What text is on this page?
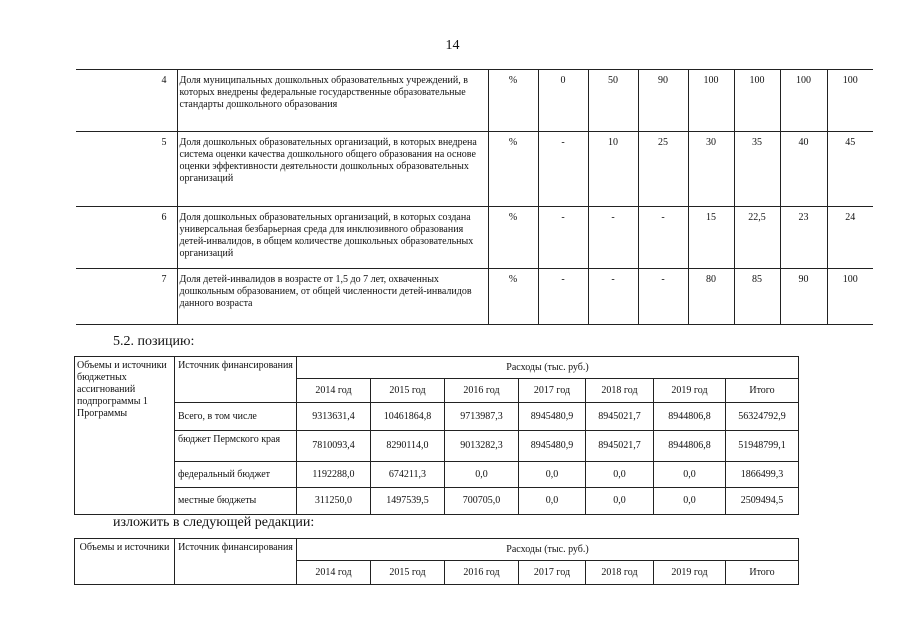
14
4	Доля муниципальных дошкольных образовательных учреждений, в которых внедрены федеральные государственные образовательные стандарты дошкольного образования	%	0	50	90	100	100	100	100
5	Доля дошкольных образовательных организаций, в которых внедрена система оценки качества дошкольного общего образования на основе оценки эффективности деятельности дошкольных образовательных организаций	%	-	10	25	30	35	40	45
6	Доля дошкольных образовательных организаций, в которых создана универсальная безбарьерная среда для инклюзивного образования детей-инвалидов, в общем количестве дошкольных образовательных организаций	%	-	-	-	15	22,5	23	24
7	Доля детей-инвалидов в возрасте от 1,5 до 7 лет, охваченных дошкольным образованием, от общей численности детей-инвалидов данного возраста	%	-	-	-	80	85	90	100
5.2. позицию:
Объемы и источники бюджетных ассигнований подпрограммы 1 Программы	Источник финансирования	Расходы (тыс. руб.)						
		2014 год	2015 год	2016 год	2017 год	2018 год	2019 год	Итого
	Всего, в том числе	9313631,4	10461864,8	9713987,3	8945480,9	8945021,7	8944806,8	56324792,9
	бюджет Пермского края	7810093,4	8290114,0	9013282,3	8945480,9	8945021,7	8944806,8	51948799,1
	федеральный бюджет	1192288,0	674211,3	0,0	0,0	0,0	0,0	1866499,3
	местные бюджеты	311250,0	1497539,5	700705,0	0,0	0,0	0,0	2509494,5
изложить в следующей редакции:
Объемы и источники	Источник финансирования	Расходы (тыс. руб.)						
		2014 год	2015 год	2016 год	2017 год	2018 год	2019 год	Итого
